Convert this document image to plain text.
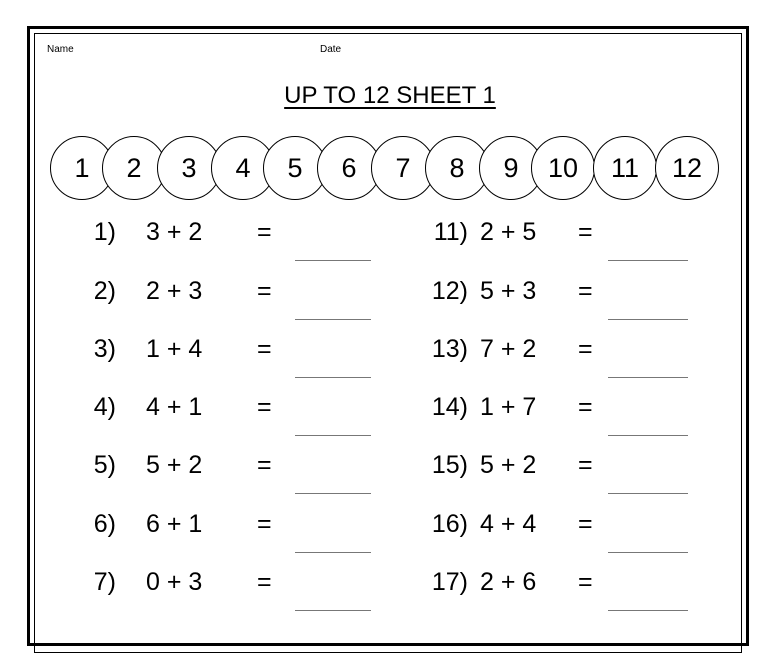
Name	Date
UP TO 12 SHEET 1
1	2	3	4	5	6	7	8	9	10	11	12
1) 3 + 2 =
2) 2 + 3 =
3) 1 + 4 =
4) 4 + 1 =
5) 5 + 2 =
6) 6 + 1 =
7) 0 + 3 =
11) 2 + 5 =
12) 5 + 3 =
13) 7 + 2 =
14) 1 + 7 =
15) 5 + 2 =
16) 4 + 4 =
17) 2 + 6 =
